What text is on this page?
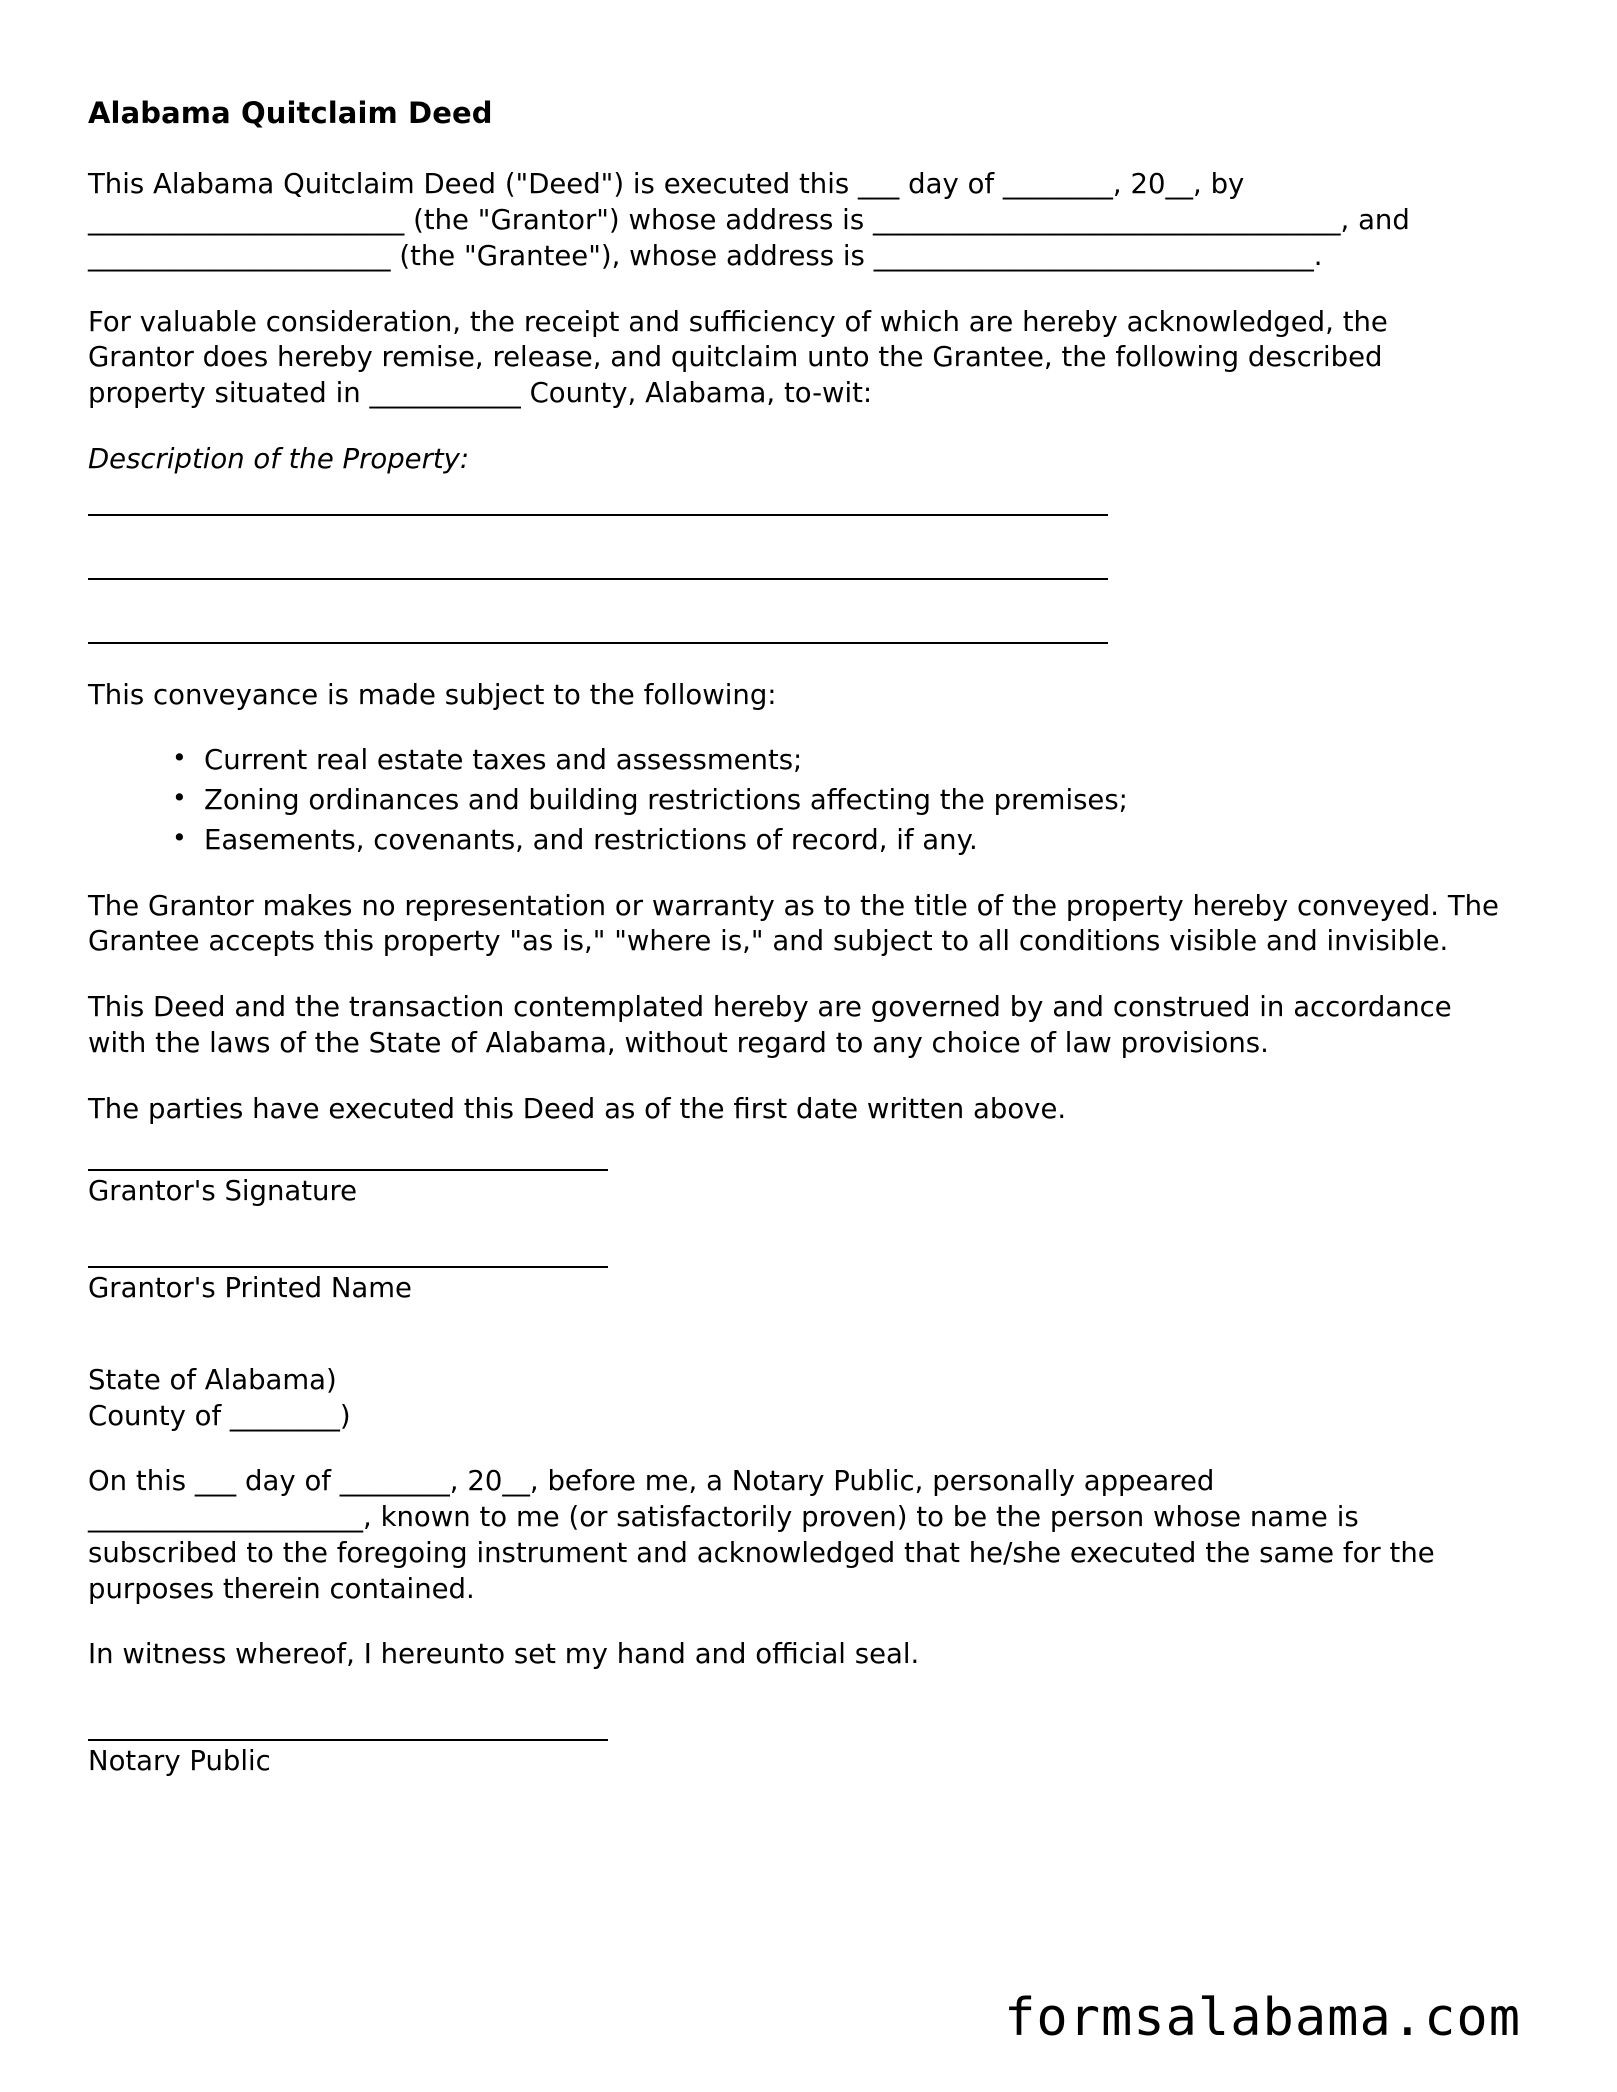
Alabama Quitclaim Deed

This Alabama Quitclaim Deed ("Deed") is executed this ___ day of ________, 20__, by _______________________ (the "Grantor") whose address is __________________________________, and ______________________ (the "Grantee"), whose address is ________________________________.

For valuable consideration, the receipt and sufficiency of which are hereby acknowledged, the Grantor does hereby remise, release, and quitclaim unto the Grantee, the following described property situated in ___________ County, Alabama, to-wit:

Description of the Property:

This conveyance is made subject to the following:

• Current real estate taxes and assessments;
• Zoning ordinances and building restrictions affecting the premises;
• Easements, covenants, and restrictions of record, if any.

The Grantor makes no representation or warranty as to the title of the property hereby conveyed. The Grantee accepts this property "as is," "where is," and subject to all conditions visible and invisible.

This Deed and the transaction contemplated hereby are governed by and construed in accordance with the laws of the State of Alabama, without regard to any choice of law provisions.

The parties have executed this Deed as of the first date written above.

Grantor's Signature
Grantor's Printed Name
State of Alabama)
County of ________)

On this ___ day of ________, 20__, before me, a Notary Public, personally appeared ____________________, known to me (or satisfactorily proven) to be the person whose name is subscribed to the foregoing instrument and acknowledged that he/she executed the same for the purposes therein contained.

In witness whereof, I hereunto set my hand and official seal.

Notary Public
formsalabama.com
